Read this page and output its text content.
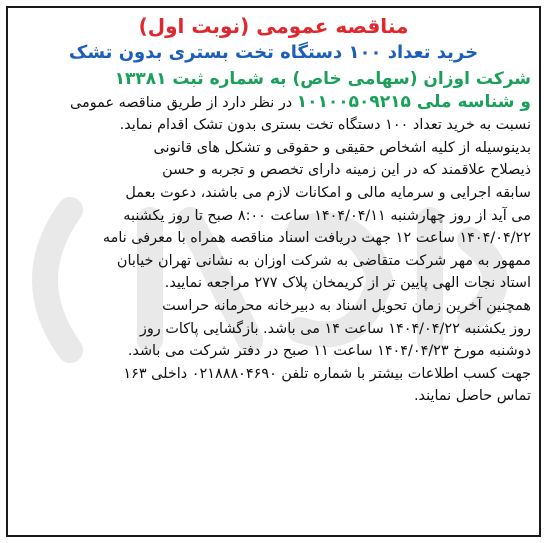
مناقصه عمومی (نوبت اول)

خرید تعداد ۱۰۰ دستگاه تخت بستری بدون تشک

شرکت اوزان (سهامی خاص) به شماره ثبت ۱۳۳۸۱
و شناسه ملی ۱۰۱۰۰۵۰۹۲۱۵ در نظر دارد از طریق مناقصه عمومی
نسبت به خرید تعداد ۱۰۰ دستگاه تخت بستری بدون تشک اقدام نماید.
بدینوسیله از کلیه اشخاص حقیقی و حقوقی و تشکل های قانونی
ذیصلاح علاقمند که در این زمینه دارای تخصص و تجربه و حسن
سابقه اجرایی و سرمایه مالی و امکانات لازم می باشند، دعوت بعمل
می آید از روز چهارشنبه ۱۴۰۴/۰۴/۱۱ ساعت ۸:۰۰ صبح تا روز یکشنبه
۱۴۰۴/۰۴/۲۲ ساعت ۱۲ جهت دریافت اسناد مناقصه همراه با معرفی نامه
ممهور به مهر شرکت متقاضی به شرکت اوزان به نشانی تهران خیابان
استاد نجات الهی پایین تر از کریمخان پلاک ۲۷۷ مراجعه نمایید.
همچنین آخرین زمان تحویل اسناد به دبیرخانه محرمانه حراست
روز یکشنبه ۱۴۰۴/۰۴/۲۲ ساعت ۱۴ می باشد. بازگشایی پاکات روز
دوشنبه مورخ ۱۴۰۴/۰۴/۲۳ ساعت ۱۱ صبح در دفتر شرکت می باشد.
جهت کسب اطلاعات بیشتر با شماره تلفن ۰۲۱۸۸۸۰۴۶۹۰ داخلی ۱۶۳
تماس حاصل نمایند.
